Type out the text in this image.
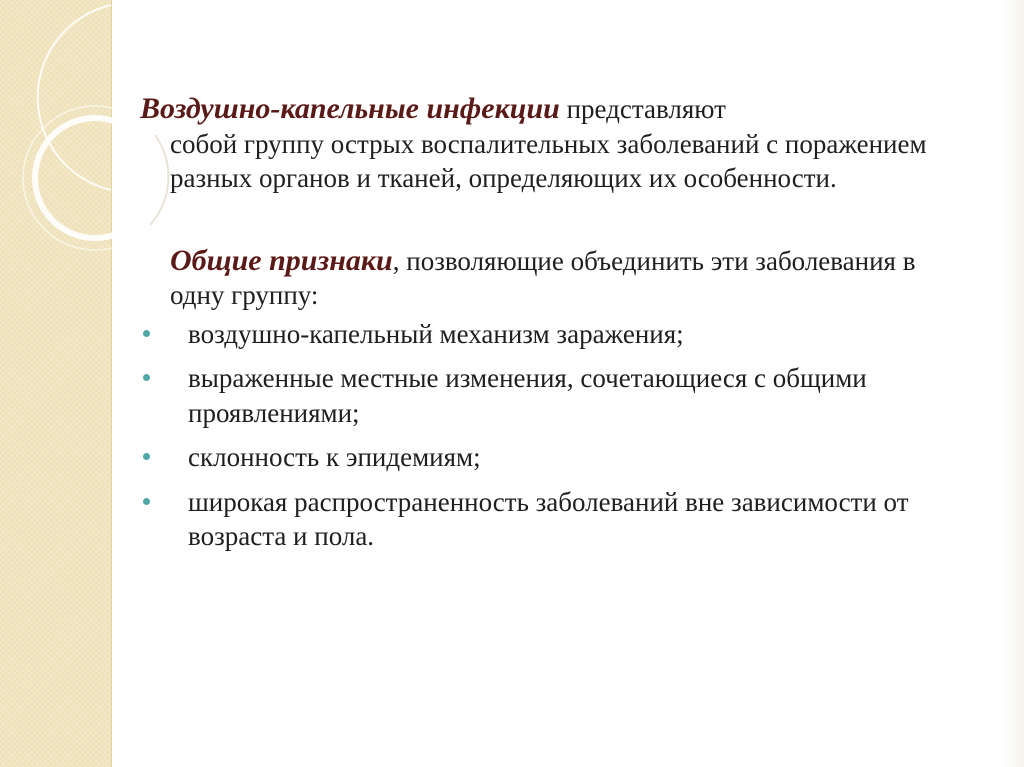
Воздушно-капельные инфекции представляют
собой группу острых воспалительных заболеваний с поражением разных органов и тканей, определяющих их особенности.

Общие признаки, позволяющие объединить эти заболевания в одну группу:

воздушно-капельный механизм заражения;
выраженные местные изменения, сочетающиеся с общими проявлениями;
склонность к эпидемиям;
широкая распространенность заболеваний вне зависимости от возраста и пола.
